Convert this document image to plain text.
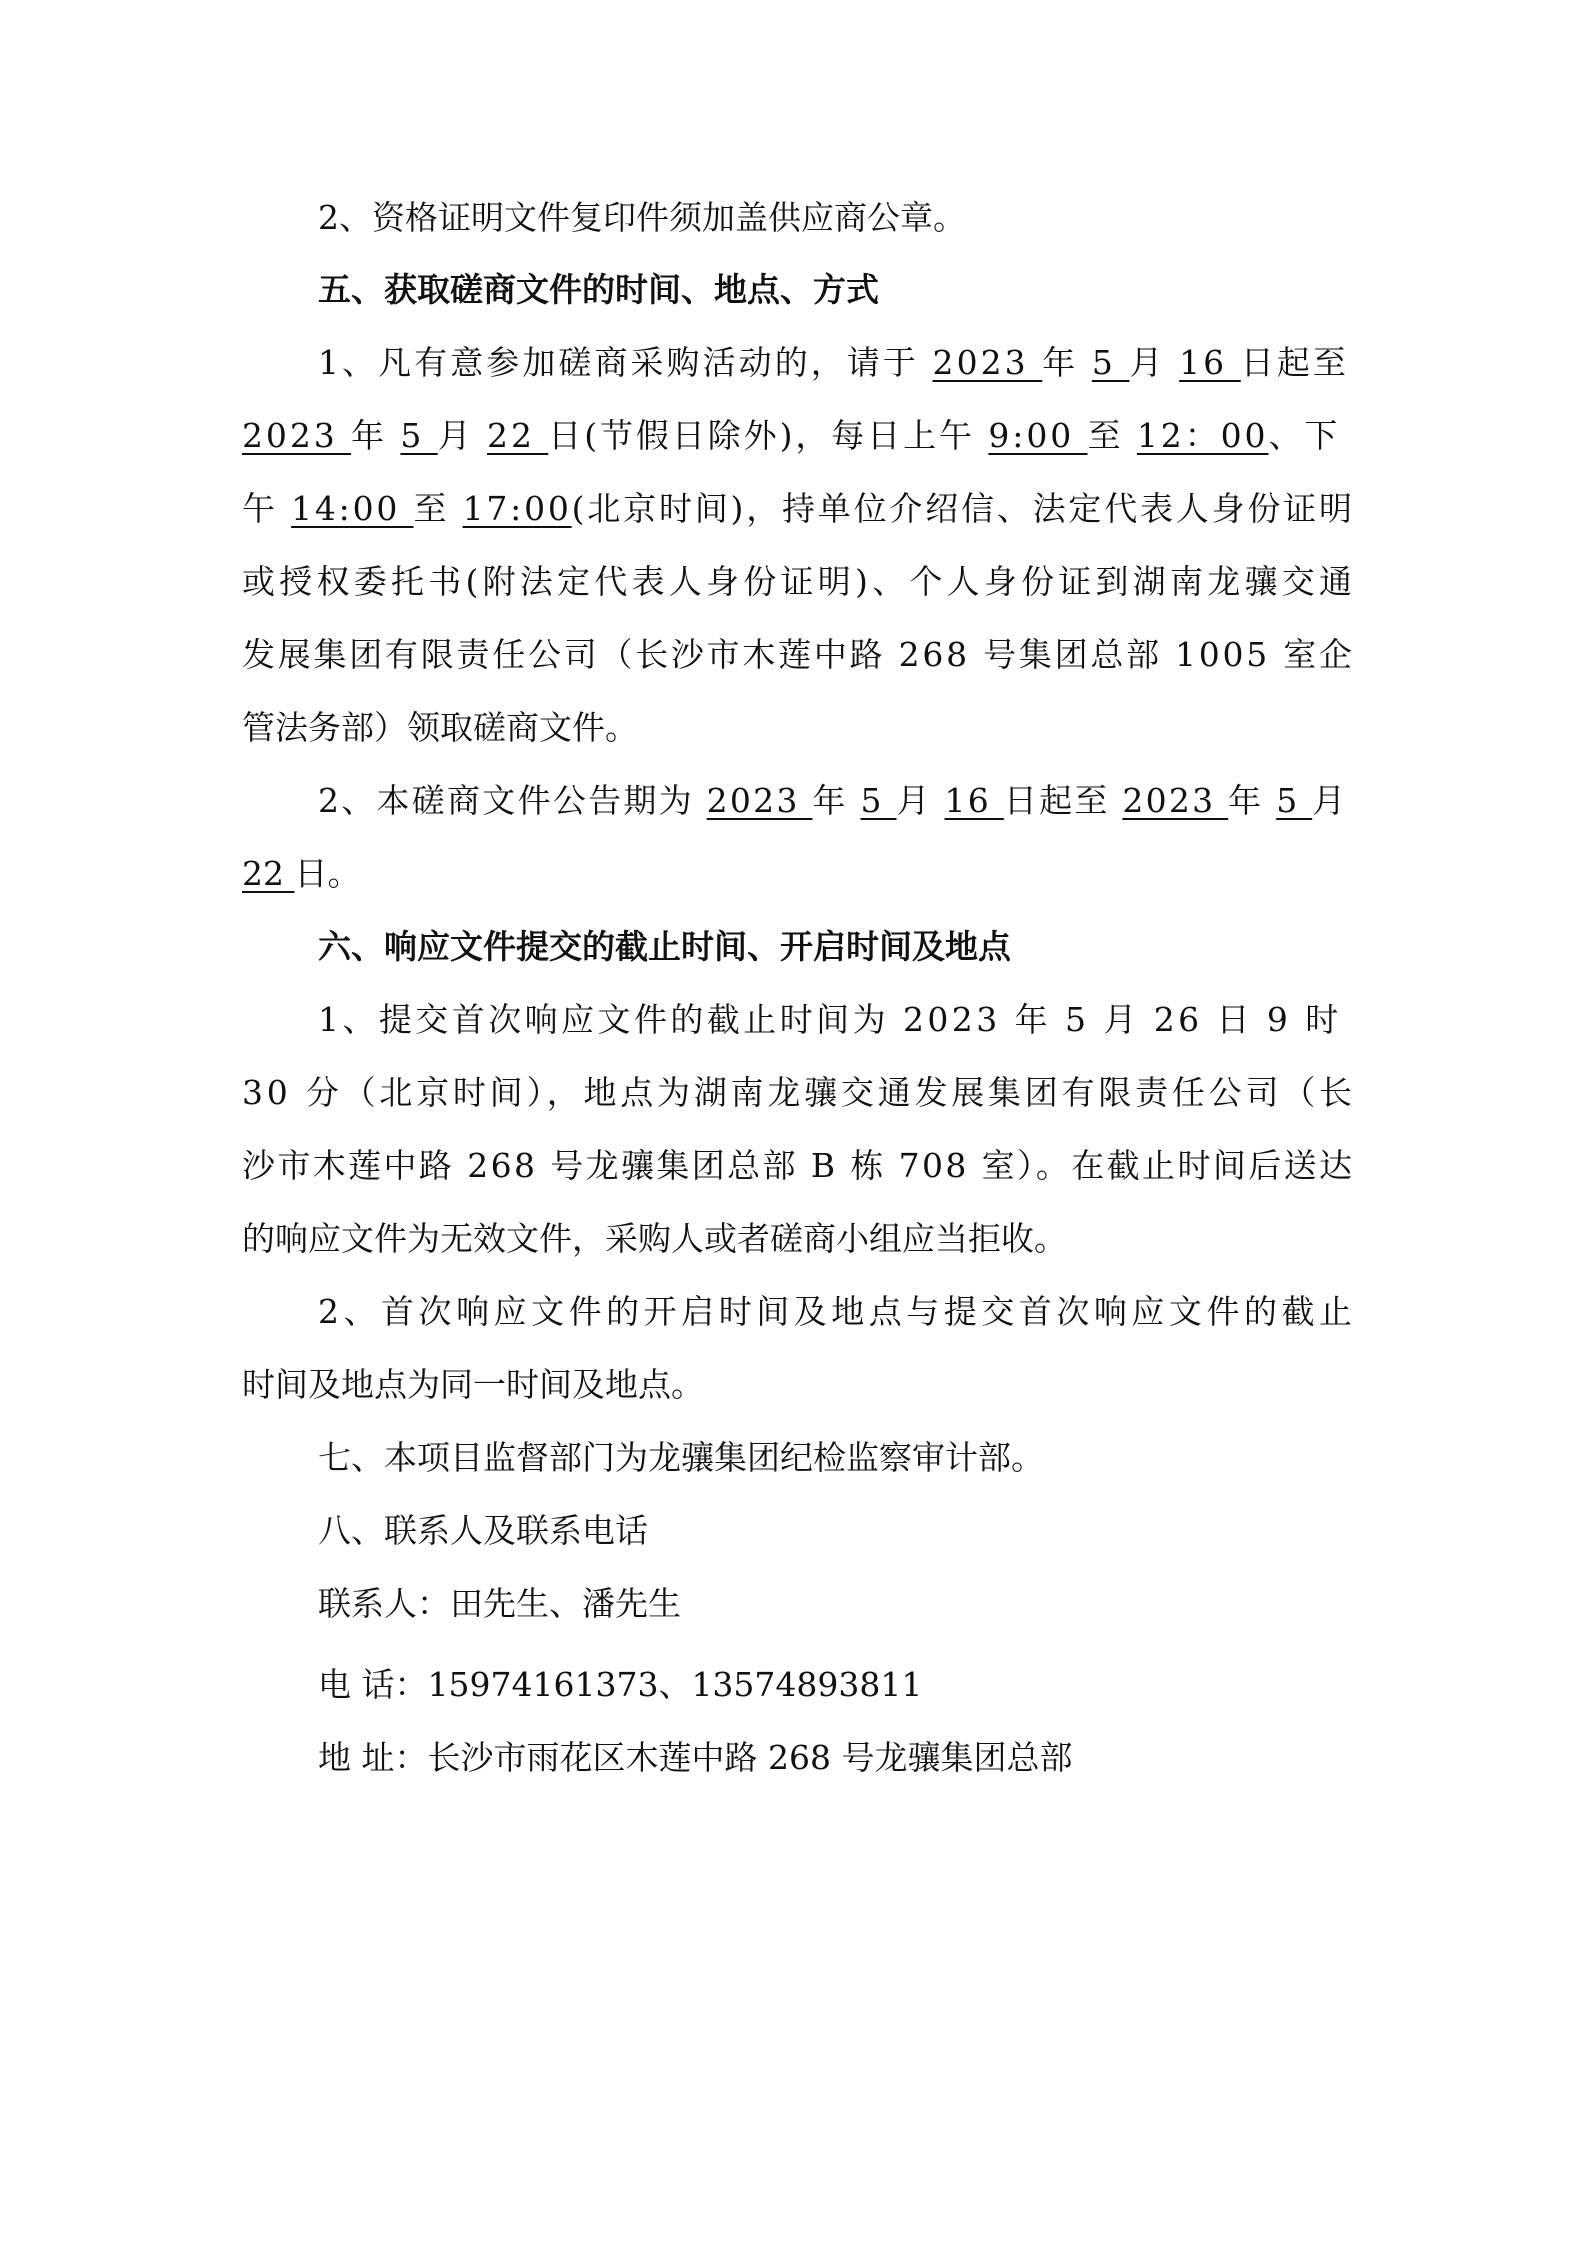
2、资格证明文件复印件须加盖供应商公章。
五、获取磋商文件的时间、地点、方式
1、凡有意参加磋商采购活动的，请于 2023 年 5 月 16 日起至
2023 年 5 月 22 日(节假日除外)，每日上午 9:00 至 12：00、下
午 14:00 至 17:00(北京时间)，持单位介绍信、法定代表人身份证明
或授权委托书(附法定代表人身份证明)、个人身份证到湖南龙骧交通
发展集团有限责任公司（长沙市木莲中路 268 号集团总部 1005 室企
管法务部）领取磋商文件。
2、本磋商文件公告期为 2023 年 5 月 16 日起至 2023 年 5 月
22 日。
六、响应文件提交的截止时间、开启时间及地点
1、提交首次响应文件的截止时间为 2023 年 5 月 26 日 9 时
30 分（北京时间），地点为湖南龙骧交通发展集团有限责任公司（长
沙市木莲中路 268 号龙骧集团总部 B 栋 708 室）。在截止时间后送达
的响应文件为无效文件，采购人或者磋商小组应当拒收。
2、首次响应文件的开启时间及地点与提交首次响应文件的截止
时间及地点为同一时间及地点。
七、本项目监督部门为龙骧集团纪检监察审计部。
八、联系人及联系电话
联系人：田先生、潘先生
电 话：15974161373、13574893811
地 址：长沙市雨花区木莲中路 268 号龙骧集团总部
